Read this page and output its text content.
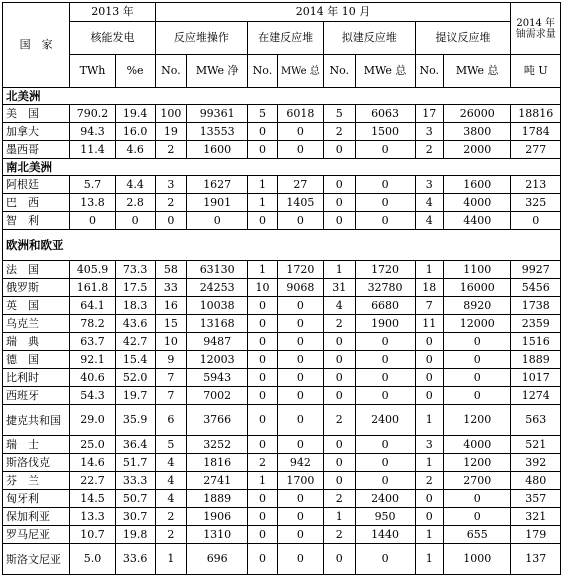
国　家	2013 年		2014 年 10 月								2014 年铀需求量
	核能发电		反应堆操作		在建反应堆		拟建反应堆		提议反应堆		
	TWh	%e	No.	MWe 净	No.	MWe 总	No.	MWe 总	No.	MWe 总	吨 U
北美洲											
美　国	790.2	19.4	100	99361	5	6018	5	6063	17	26000	18816
加拿大	94.3	16.0	19	13553	0	0	2	1500	3	3800	1784
墨西哥	11.4	4.6	2	1600	0	0	0	0	2	2000	277
南北美洲											
阿根廷	5.7	4.4	3	1627	1	27	0	0	3	1600	213
巴　西	13.8	2.8	2	1901	1	1405	0	0	4	4000	325
智　利	0	0	0	0	0	0	0	0	4	4400	0
欧洲和欧亚											
法　国	405.9	73.3	58	63130	1	1720	1	1720	1	1100	9927
俄罗斯	161.8	17.5	33	24253	10	9068	31	32780	18	16000	5456
英　国	64.1	18.3	16	10038	0	0	4	6680	7	8920	1738
乌克兰	78.2	43.6	15	13168	0	0	2	1900	11	12000	2359
瑞　典	63.7	42.7	10	9487	0	0	0	0	0	0	1516
德　国	92.1	15.4	9	12003	0	0	0	0	0	0	1889
比利时	40.6	52.0	7	5943	0	0	0	0	0	0	1017
西班牙	54.3	19.7	7	7002	0	0	0	0	0	0	1274
捷克共和国	29.0	35.9	6	3766	0	0	2	2400	1	1200	563
瑞　士	25.0	36.4	5	3252	0	0	0	0	3	4000	521
斯洛伐克	14.6	51.7	4	1816	2	942	0	0	1	1200	392
芬　兰	22.7	33.3	4	2741	1	1700	0	0	2	2700	480
匈牙利	14.5	50.7	4	1889	0	0	2	2400	0	0	357
保加利亚	13.3	30.7	2	1906	0	0	1	950	0	0	321
罗马尼亚	10.7	19.8	2	1310	0	0	2	1440	1	655	179
斯洛文尼亚	5.0	33.6	1	696	0	0	0	0	1	1000	137
